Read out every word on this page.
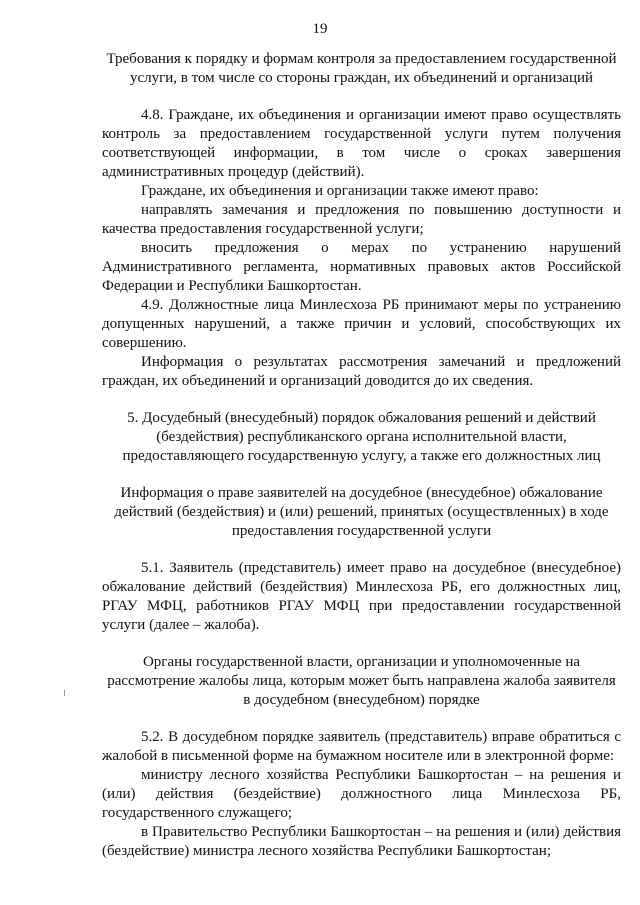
19

Требования к порядку и формам контроля за предоставлением государственной услуги, в том числе со стороны граждан, их объединений и организаций

4.8. Граждане, их объединения и организации имеют право осуществлять контроль за предоставлением государственной услуги путем получения соответствующей информации, в том числе о сроках завершения административных процедур (действий).

Граждане, их объединения и организации также имеют право:

направлять замечания и предложения по повышению доступности и качества предоставления государственной услуги;

вносить предложения о мерах по устранению нарушений Административного регламента, нормативных правовых актов Российской Федерации и Республики Башкортостан.

4.9. Должностные лица Минлесхоза РБ принимают меры по устранению допущенных нарушений, а также причин и условий, способствующих их совершению.

Информация о результатах рассмотрения замечаний и предложений граждан, их объединений и организаций доводится до их сведения.

5. Досудебный (внесудебный) порядок обжалования решений и действий (бездействия) республиканского органа исполнительной власти, предоставляющего государственную услугу, а также его должностных лиц

Информация о праве заявителей на досудебное (внесудебное) обжалование действий (бездействия) и (или) решений, принятых (осуществленных) в ходе предоставления государственной услуги

5.1. Заявитель (представитель) имеет право на досудебное (внесудебное) обжалование действий (бездействия) Минлесхоза РБ, его должностных лиц, РГАУ МФЦ, работников РГАУ МФЦ при предоставлении государственной услуги (далее – жалоба).

Органы государственной власти, организации и уполномоченные на рассмотрение жалобы лица, которым может быть направлена жалоба заявителя в досудебном (внесудебном) порядке

5.2. В досудебном порядке заявитель (представитель) вправе обратиться с жалобой в письменной форме на бумажном носителе или в электронной форме:

министру лесного хозяйства Республики Башкортостан – на решения и (или) действия (бездействие) должностного лица Минлесхоза РБ, государственного служащего;

в Правительство Республики Башкортостан – на решения и (или) действия (бездействие) министра лесного хозяйства Республики Башкортостан;
